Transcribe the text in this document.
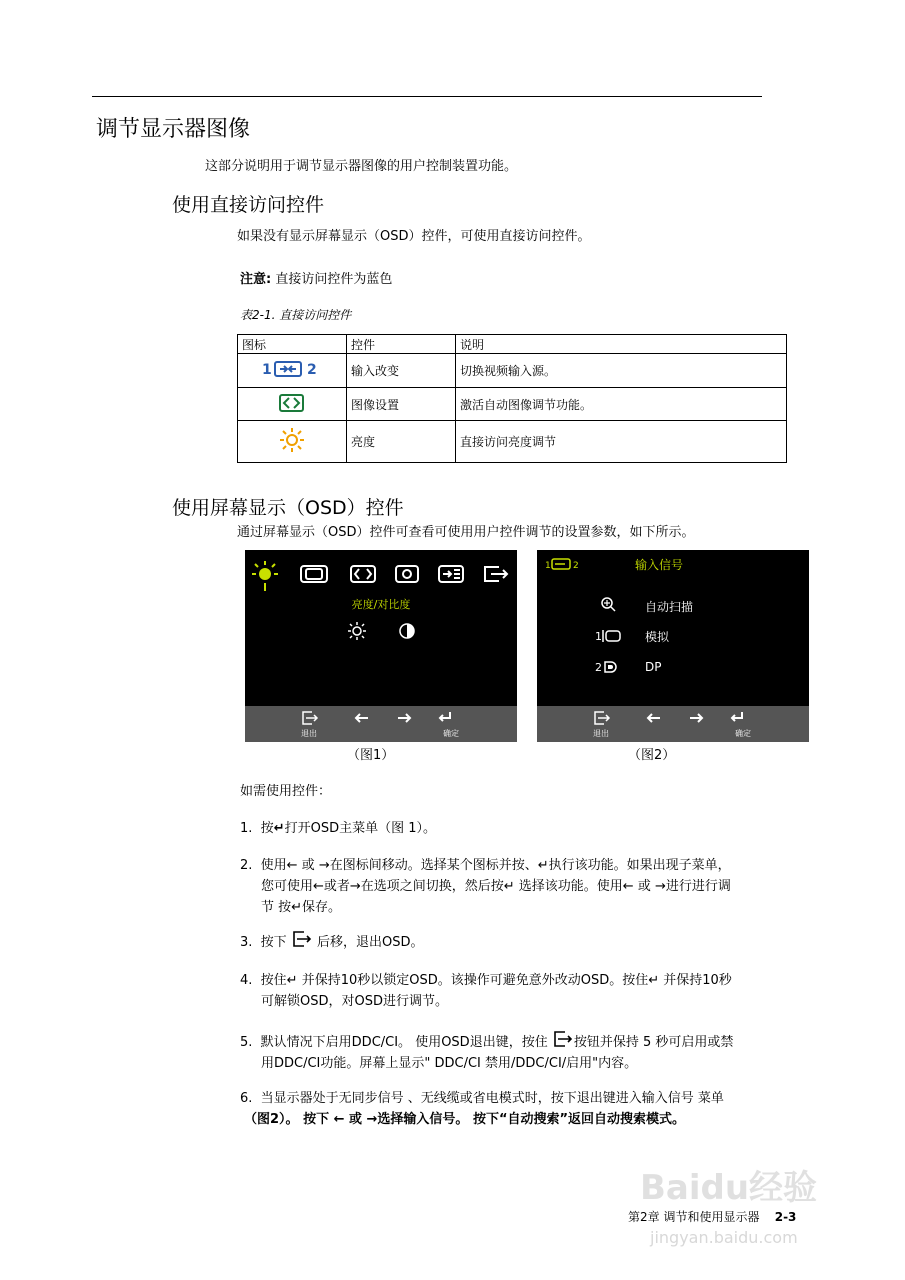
调节显示器图像
这部分说明用于调节显示器图像的用户控制装置功能。
使用直接访问控件
如果没有显示屏幕显示（OSD）控件，可使用直接访问控件。
注意: 直接访问控件为蓝色
表2-1. 直接访问控件
图标	控件	说明

1 2	输入改变	切换视频输入源。
	图像设置	激活自动图像调节功能。
	亮度	直接访问亮度调节
使用屏幕显示（OSD）控件
通过屏幕显示（OSD）控件可查看可使用用户控件调节的设置参数，如下所示。
亮度/对比度
退出	确定
（图1）
1 2	输入信号
自动扫描
1	模拟
2	DP
退出	确定
（图2）
如需使用控件：
1. 按↵打开OSD主菜单（图 1）。
2. 使用← 或 →在图标间移动。选择某个图标并按、↵执行该功能。如果出现子菜单，
您可使用←或者→在选项之间切换，然后按↵ 选择该功能。使用← 或 →进行进行调
节 按↵保存。
3. 按下 后移，退出OSD。
4. 按住↵ 并保持10秒以锁定OSD。该操作可避免意外改动OSD。按住↵ 并保持10秒
可解锁OSD，对OSD进行调节。
5. 默认情况下启用DDC/CI。 使用OSD退出键，按住 按钮并保持 5 秒可启用或禁
用DDC/CI功能。屏幕上显示" DDC/CI 禁用/DDC/CI/启用"内容。
6. 当显示器处于无同步信号 、无线缆或省电模式时，按下退出键进入输入信号 菜单
（图2）。 按下 ← 或 →选择输入信号。 按下“自动搜索”返回自动搜索模式。
第2章 调节和使用显示器 2-3
Baidu经验
jingyan.baidu.com
